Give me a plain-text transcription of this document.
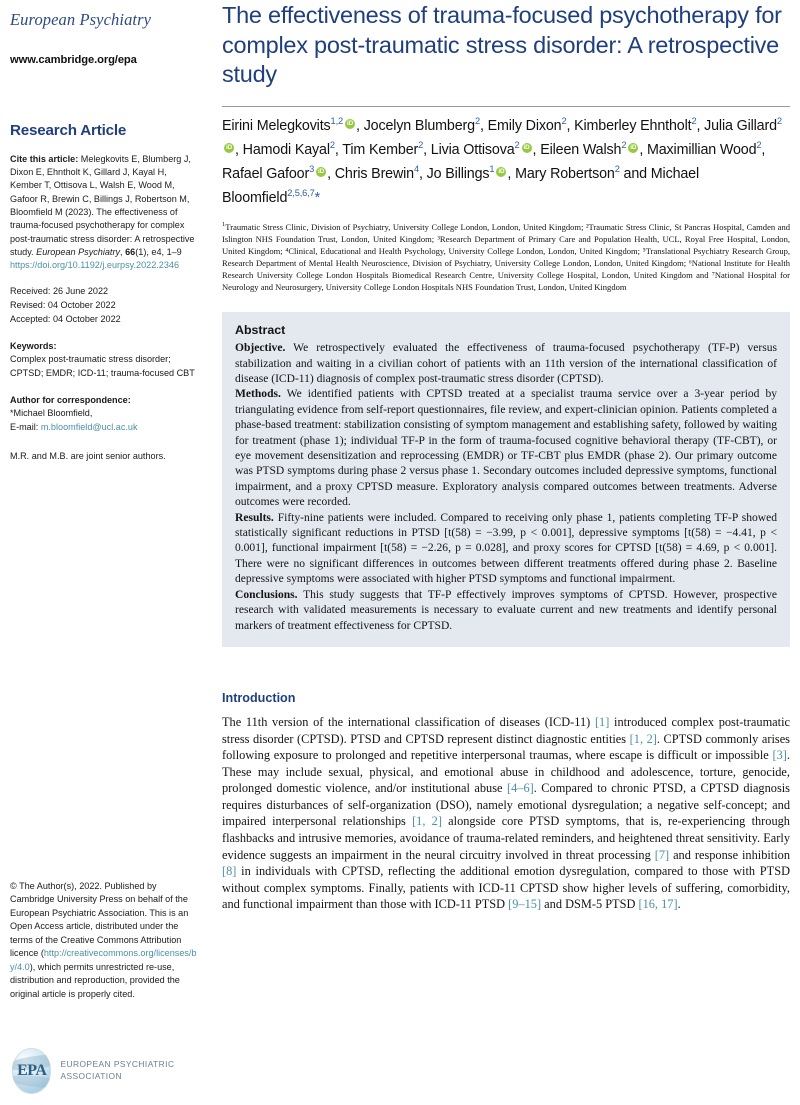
European Psychiatry
www.cambridge.org/epa
Research Article
Cite this article: Melegkovits E, Blumberg J, Dixon E, Ehntholt K, Gillard J, Kayal H, Kember T, Ottisova L, Walsh E, Wood M, Gafoor R, Brewin C, Billings J, Robertson M, Bloomfield M (2023). The effectiveness of trauma-focused psychotherapy for complex post-traumatic stress disorder: A retrospective study. European Psychiatry, 66(1), e4, 1–9
https://doi.org/10.1192/j.eurpsy.2022.2346
Received: 26 June 2022
Revised: 04 October 2022
Accepted: 04 October 2022
Keywords:
Complex post-traumatic stress disorder; CPTSD; EMDR; ICD-11; trauma-focused CBT
Author for correspondence:
*Michael Bloomfield,
E-mail: m.bloomfield@ucl.ac.uk
M.R. and M.B. are joint senior authors.
© The Author(s), 2022. Published by Cambridge University Press on behalf of the European Psychiatric Association. This is an Open Access article, distributed under the terms of the Creative Commons Attribution licence (http://creativecommons.org/licenses/by/4.0), which permits unrestricted re-use, distribution and reproduction, provided the original article is properly cited.
EPA	EUROPEAN PSYCHIATRIC ASSOCIATION
The effectiveness of trauma-focused psychotherapy for complex post-traumatic stress disorder: A retrospective study
Eirini Melegkovits$^{1,2}$ iD , Jocelyn Blumberg$^2$, Emily Dixon$^2$, Kimberley Ehntholt$^2$, Julia Gillard$^2$iD, Hamodi Kayal$^2$, Tim Kember$^2$, Livia Ottisova$^2$ iD , Eileen Walsh$^2$ iD , Maximillian Wood$^2$, Rafael Gafoor$^3$ iD , Chris Brewin$^4$, Jo Billings$^1$ iD , Mary Robertson$^2$ and Michael Bloomfield$^{2,5,6,7}$*
$^1$Traumatic Stress Clinic, Division of Psychiatry, University College London, London, United Kingdom; ²Traumatic Stress Clinic, St Pancras Hospital, Camden and Islington NHS Foundation Trust, London, United Kingdom; ³Research Department of Primary Care and Population Health, UCL, Royal Free Hospital, London, United Kingdom; ⁴Clinical, Educational and Health Psychology, University College London, London, United Kingdom; ⁵Translational Psychiatry Research Group, Research Department of Mental Health Neuroscience, Division of Psychiatry, University College London, London, United Kingdom; ⁶National Institute for Health Research University College London Hospitals Biomedical Research Centre, University College Hospital, London, United Kingdom and ⁷National Hospital for Neurology and Neurosurgery, University College London Hospitals NHS Foundation Trust, London, United Kingdom
Abstract

Objective. We retrospectively evaluated the effectiveness of trauma-focused psychotherapy (TF-P) versus stabilization and waiting in a civilian cohort of patients with an 11th version of the international classification of disease (ICD-11) diagnosis of complex post-traumatic stress disorder (CPTSD).

Methods. We identified patients with CPTSD treated at a specialist trauma service over a 3-year period by triangulating evidence from self-report questionnaires, file review, and expert-clinician opinion. Patients completed a phase-based treatment: stabilization consisting of symptom management and establishing safety, followed by waiting for treatment (phase 1); individual TF-P in the form of trauma-focused cognitive behavioral therapy (TF-CBT), or eye movement desensitization and reprocessing (EMDR) or TF-CBT plus EMDR (phase 2). Our primary outcome was PTSD symptoms during phase 2 versus phase 1. Secondary outcomes included depressive symptoms, functional impairment, and a proxy CPTSD measure. Exploratory analysis compared outcomes between treatments. Adverse outcomes were recorded.

Results. Fifty-nine patients were included. Compared to receiving only phase 1, patients completing TF-P showed statistically significant reductions in PTSD [t(58) = −3.99, p < 0.001], depressive symptoms [t(58) = −4.41, p < 0.001], functional impairment [t(58) = −2.26, p = 0.028], and proxy scores for CPTSD [t(58) = 4.69, p < 0.001]. There were no significant differences in outcomes between different treatments offered during phase 2. Baseline depressive symptoms were associated with higher PTSD symptoms and functional impairment.

Conclusions. This study suggests that TF-P effectively improves symptoms of CPTSD. However, prospective research with validated measurements is necessary to evaluate current and new treatments and identify personal markers of treatment effectiveness for CPTSD.

Introduction

The 11th version of the international classification of diseases (ICD-11) [1] introduced complex post-traumatic stress disorder (CPTSD). PTSD and CPTSD represent distinct diagnostic entities [1, 2]. CPTSD commonly arises following exposure to prolonged and repetitive interpersonal traumas, where escape is difficult or impossible [3]. These may include sexual, physical, and emotional abuse in childhood and adolescence, torture, genocide, prolonged domestic violence, and/or institutional abuse [4–6]. Compared to chronic PTSD, a CPTSD diagnosis requires disturbances of self-organization (DSO), namely emotional dysregulation; a negative self-concept; and impaired interpersonal relationships [1, 2] alongside core PTSD symptoms, that is, re-experiencing through flashbacks and intrusive memories, avoidance of trauma-related reminders, and heightened threat sensitivity. Early evidence suggests an impairment in the neural circuitry involved in threat processing [7] and response inhibition [8] in individuals with CPTSD, reflecting the additional emotion dysregulation, compared to those with PTSD without complex symptoms. Finally, patients with ICD-11 CPTSD show higher levels of suffering, comorbidity, and functional impairment than those with ICD-11 PTSD [9–15] and DSM-5 PTSD [16, 17].
